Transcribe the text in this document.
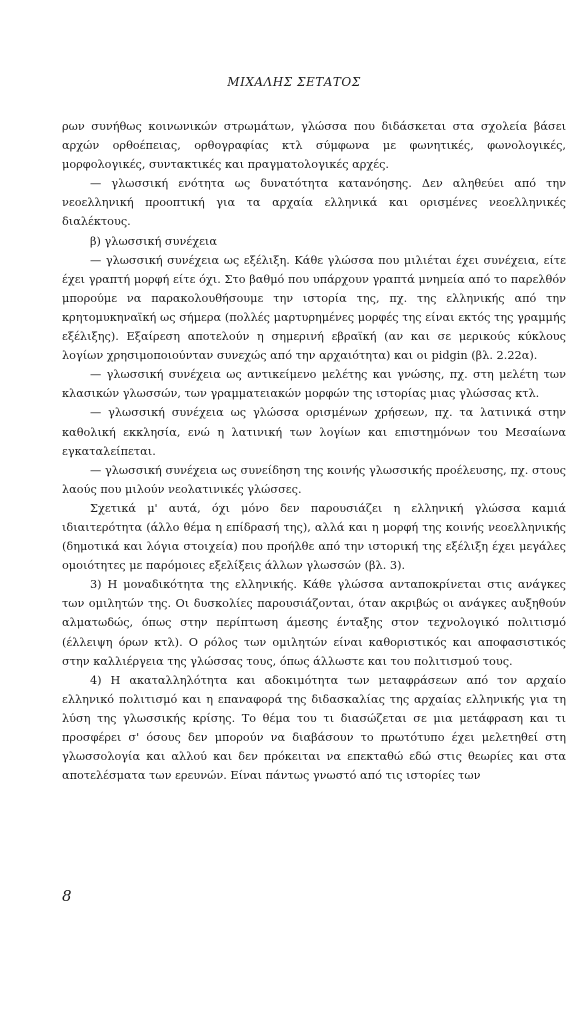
ΜΙΧΑΛΗΣ ΣΕΤΑΤΟΣ

ρων συνήθως κοινωνικών στρωμάτων, γλώσσα που διδάσκεται στα σχολεία βάσει αρχών ορθοέπειας, ορθογραφίας κτλ σύμφωνα με φωνητικές, φωνολογικές, μορφολογικές, συντακτικές και πραγματολογικές αρχές.

— γλωσσική ενότητα ως δυνατότητα κατανόησης. Δεν αληθεύει από την νεοελληνική προοπτική για τα αρχαία ελληνικά και ορισμένες νεοελληνικές διαλέκτους.

β) γλωσσική συνέχεια

— γλωσσική συνέχεια ως εξέλιξη. Κάθε γλώσσα που μιλιέται έχει συνέχεια, είτε έχει γραπτή μορφή είτε όχι. Στο βαθμό που υπάρχουν γραπτά μνημεία από το παρελθόν μπορούμε να παρακολουθήσουμε την ιστορία της, πχ. της ελληνικής από την κρητομυκηναϊκή ως σήμερα (πολλές μαρτυρημένες μορφές της είναι εκτός της γραμμής εξέλιξης). Εξαίρεση αποτελούν η σημερινή εβραϊκή (αν και σε μερικούς κύκλους λογίων χρησιμοποιούνταν συνεχώς από την αρχαιότητα) και οι pidgin (βλ. 2.22α).

— γλωσσική συνέχεια ως αντικείμενο μελέτης και γνώσης, πχ. στη μελέτη των κλασικών γλωσσών, των γραμματειακών μορφών της ιστορίας μιας γλώσσας κτλ.

— γλωσσική συνέχεια ως γλώσσα ορισμένων χρήσεων, πχ. τα λατινικά στην καθολική εκκλησία, ενώ η λατινική των λογίων και επιστημόνων του Μεσαίωνα εγκαταλείπεται.

— γλωσσική συνέχεια ως συνείδηση της κοινής γλωσσικής προέλευσης, πχ. στους λαούς που μιλούν νεολατινικές γλώσσες.

Σχετικά μ' αυτά, όχι μόνο δεν παρουσιάζει η ελληνική γλώσσα καμιά ιδιαιτερότητα (άλλο θέμα η επίδρασή της), αλλά και η μορφή της κοινής νεοελληνικής (δημοτικά και λόγια στοιχεία) που προήλθε από την ιστορική της εξέλιξη έχει μεγάλες ομοιότητες με παρόμοιες εξελίξεις άλλων γλωσσών (βλ. 3).

3) Η μοναδικότητα της ελληνικής. Κάθε γλώσσα ανταποκρίνεται στις ανάγκες των ομιλητών της. Οι δυσκολίες παρουσιάζονται, όταν ακριβώς οι ανάγκες αυξηθούν αλματωδώς, όπως στην περίπτωση άμεσης ένταξης στον τεχνολογικό πολιτισμό (έλλειψη όρων κτλ). Ο ρόλος των ομιλητών είναι καθοριστικός και αποφασιστικός στην καλλιέργεια της γλώσσας τους, όπως άλλωστε και του πολιτισμού τους.

4) Η ακαταλληλότητα και αδοκιμότητα των μεταφράσεων από τον αρχαίο ελληνικό πολιτισμό και η επαναφορά της διδασκαλίας της αρχαίας ελληνικής για τη λύση της γλωσσικής κρίσης. Το θέμα του τι διασώζεται σε μια μετάφραση και τι προσφέρει σ' όσους δεν μπορούν να διαβάσουν το πρωτότυπο έχει μελετηθεί στη γλωσσολογία και αλλού και δεν πρόκειται να επεκταθώ εδώ στις θεωρίες και στα αποτελέσματα των ερευνών. Είναι πάντως γνωστό από τις ιστορίες των

8
